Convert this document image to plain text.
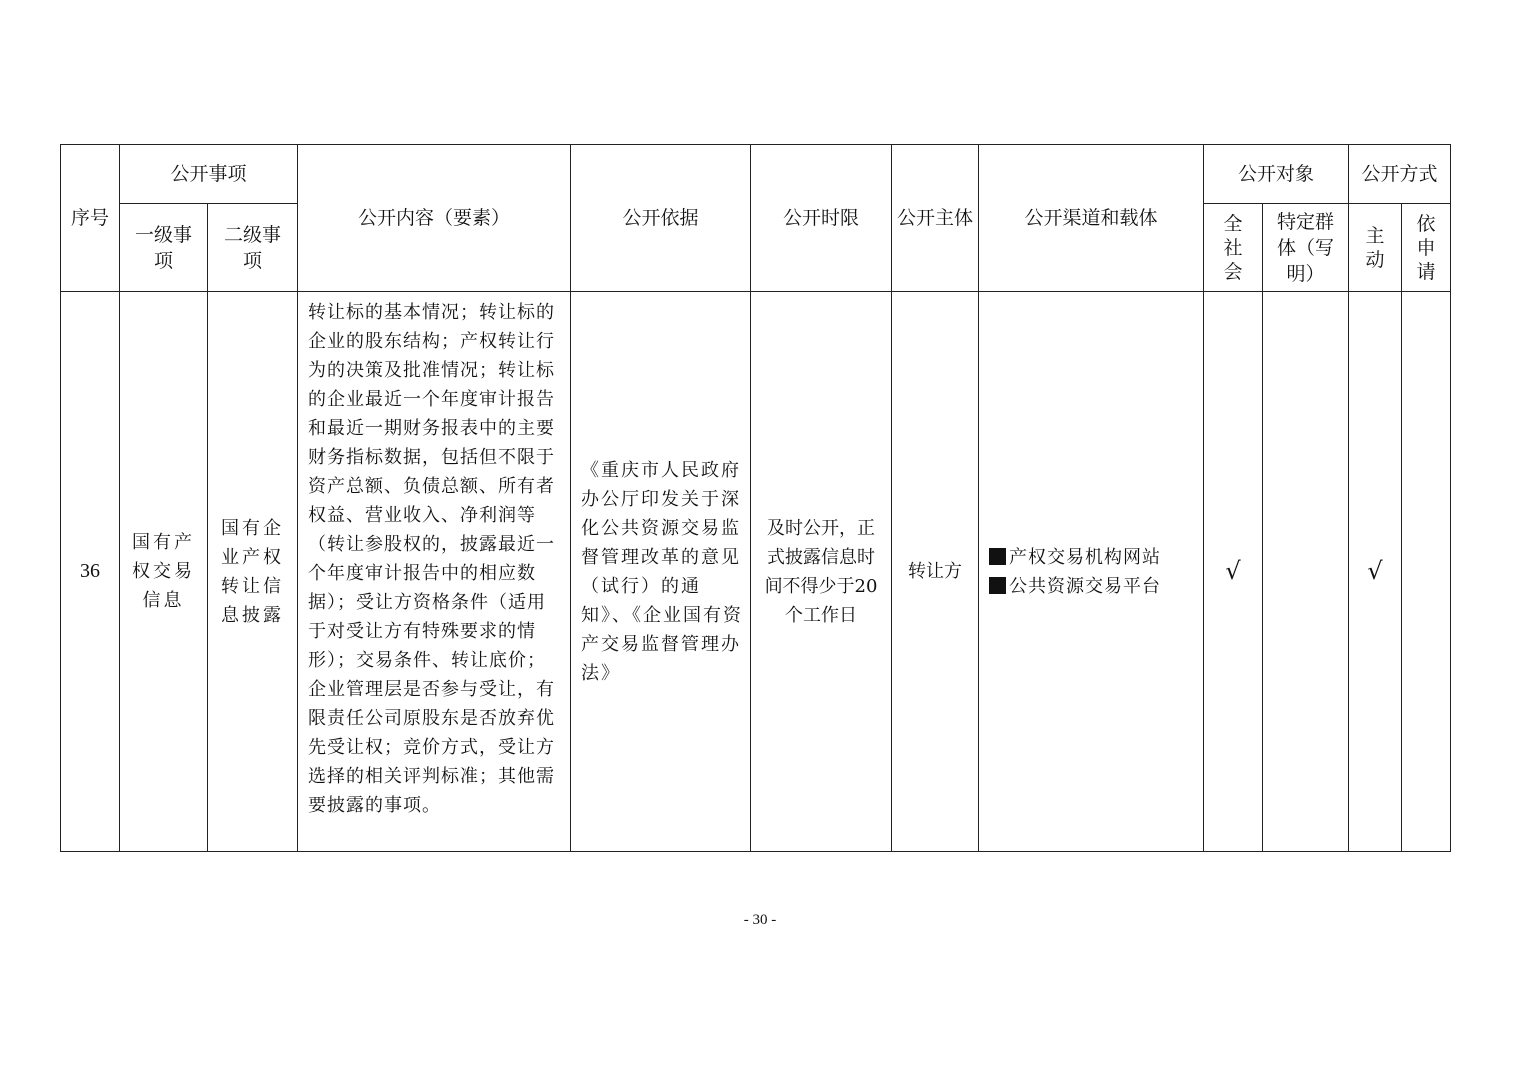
序号	公开事项		公开内容（要素）	公开依据	公开时限	公开主体	公开渠道和载体	公开对象		公开方式	
	一级事项	二级事项						全社会	特定群体（写明）	主动	依申请
36	国有产权交易信息	国有企业产权转让信息披露	转让标的基本情况；转让标的企业的股东结构；产权转让行为的决策及批准情况；转让标的企业最近一个年度审计报告和最近一期财务报表中的主要财务指标数据，包括但不限于资产总额、负债总额、所有者权益、营业收入、净利润等（转让参股权的，披露最近一个年度审计报告中的相应数据）；受让方资格条件（适用于对受让方有特殊要求的情形）；交易条件、转让底价；企业管理层是否参与受让，有限责任公司原股东是否放弃优先受让权；竞价方式，受让方选择的相关评判标准；其他需要披露的事项。	《重庆市人民政府办公厅印发关于深化公共资源交易监督管理改革的意见（试行）的通知》、《企业国有资产交易监督管理办法》	及时公开，正式披露信息时间不得少于20个工作日	转让方	产权交易机构网站
公共资源交易平台	√		√	
- 30 -
